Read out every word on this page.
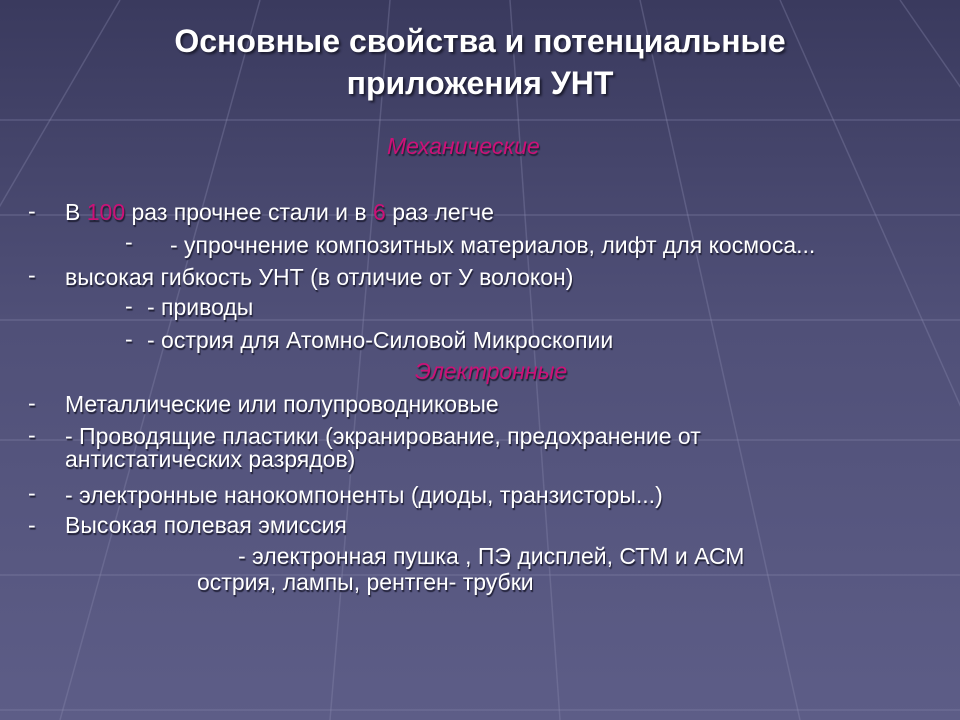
Основные свойства и потенциальные
приложения УНТ
Механические
- В 100 раз прочнее стали и в 6 раз легче
- - упрочнение композитных материалов, лифт для космоса...
- высокая гибкость УНТ (в отличие от У волокон)
- - приводы
- - острия для Атомно-Силовой Микроскопии
Электронные
- Металлические или полупроводниковые
- - Проводящие пластики (экранирование, предохранение от
антистатических разрядов)
- - электронные нанокомпоненты (диоды, транзисторы...)
- Высокая полевая эмиссия
- электронная пушка , ПЭ дисплей, СТМ и АСМ
острия, лампы, рентген- трубки
